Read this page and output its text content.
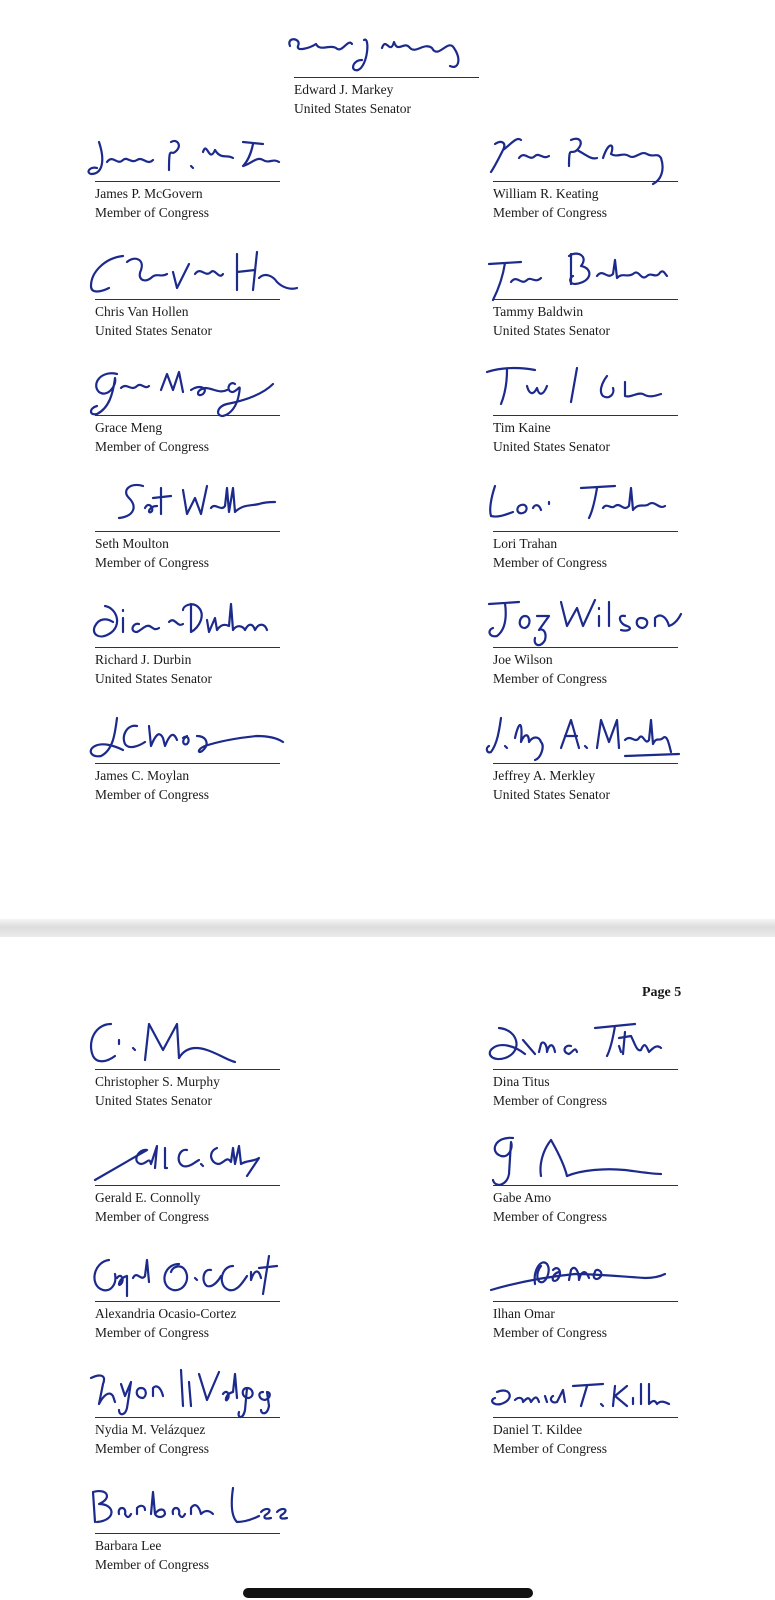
Page 5
Edward J. Markey
United States Senator
James P. McGovern
Member of Congress
William R. Keating
Member of Congress
Chris Van Hollen
United States Senator
Tammy Baldwin
United States Senator
Grace Meng
Member of Congress
Tim Kaine
United States Senator
Seth Moulton
Member of Congress
Lori Trahan
Member of Congress
Richard J. Durbin
United States Senator
Joe Wilson
Member of Congress
James C. Moylan
Member of Congress
Jeffrey A. Merkley
United States Senator
Christopher S. Murphy
United States Senator
Dina Titus
Member of Congress
Gerald E. Connolly
Member of Congress
Gabe Amo
Member of Congress
Alexandria Ocasio-Cortez
Member of Congress
Ilhan Omar
Member of Congress
Nydia M. Velázquez
Member of Congress
Daniel T. Kildee
Member of Congress
Barbara Lee
Member of Congress
